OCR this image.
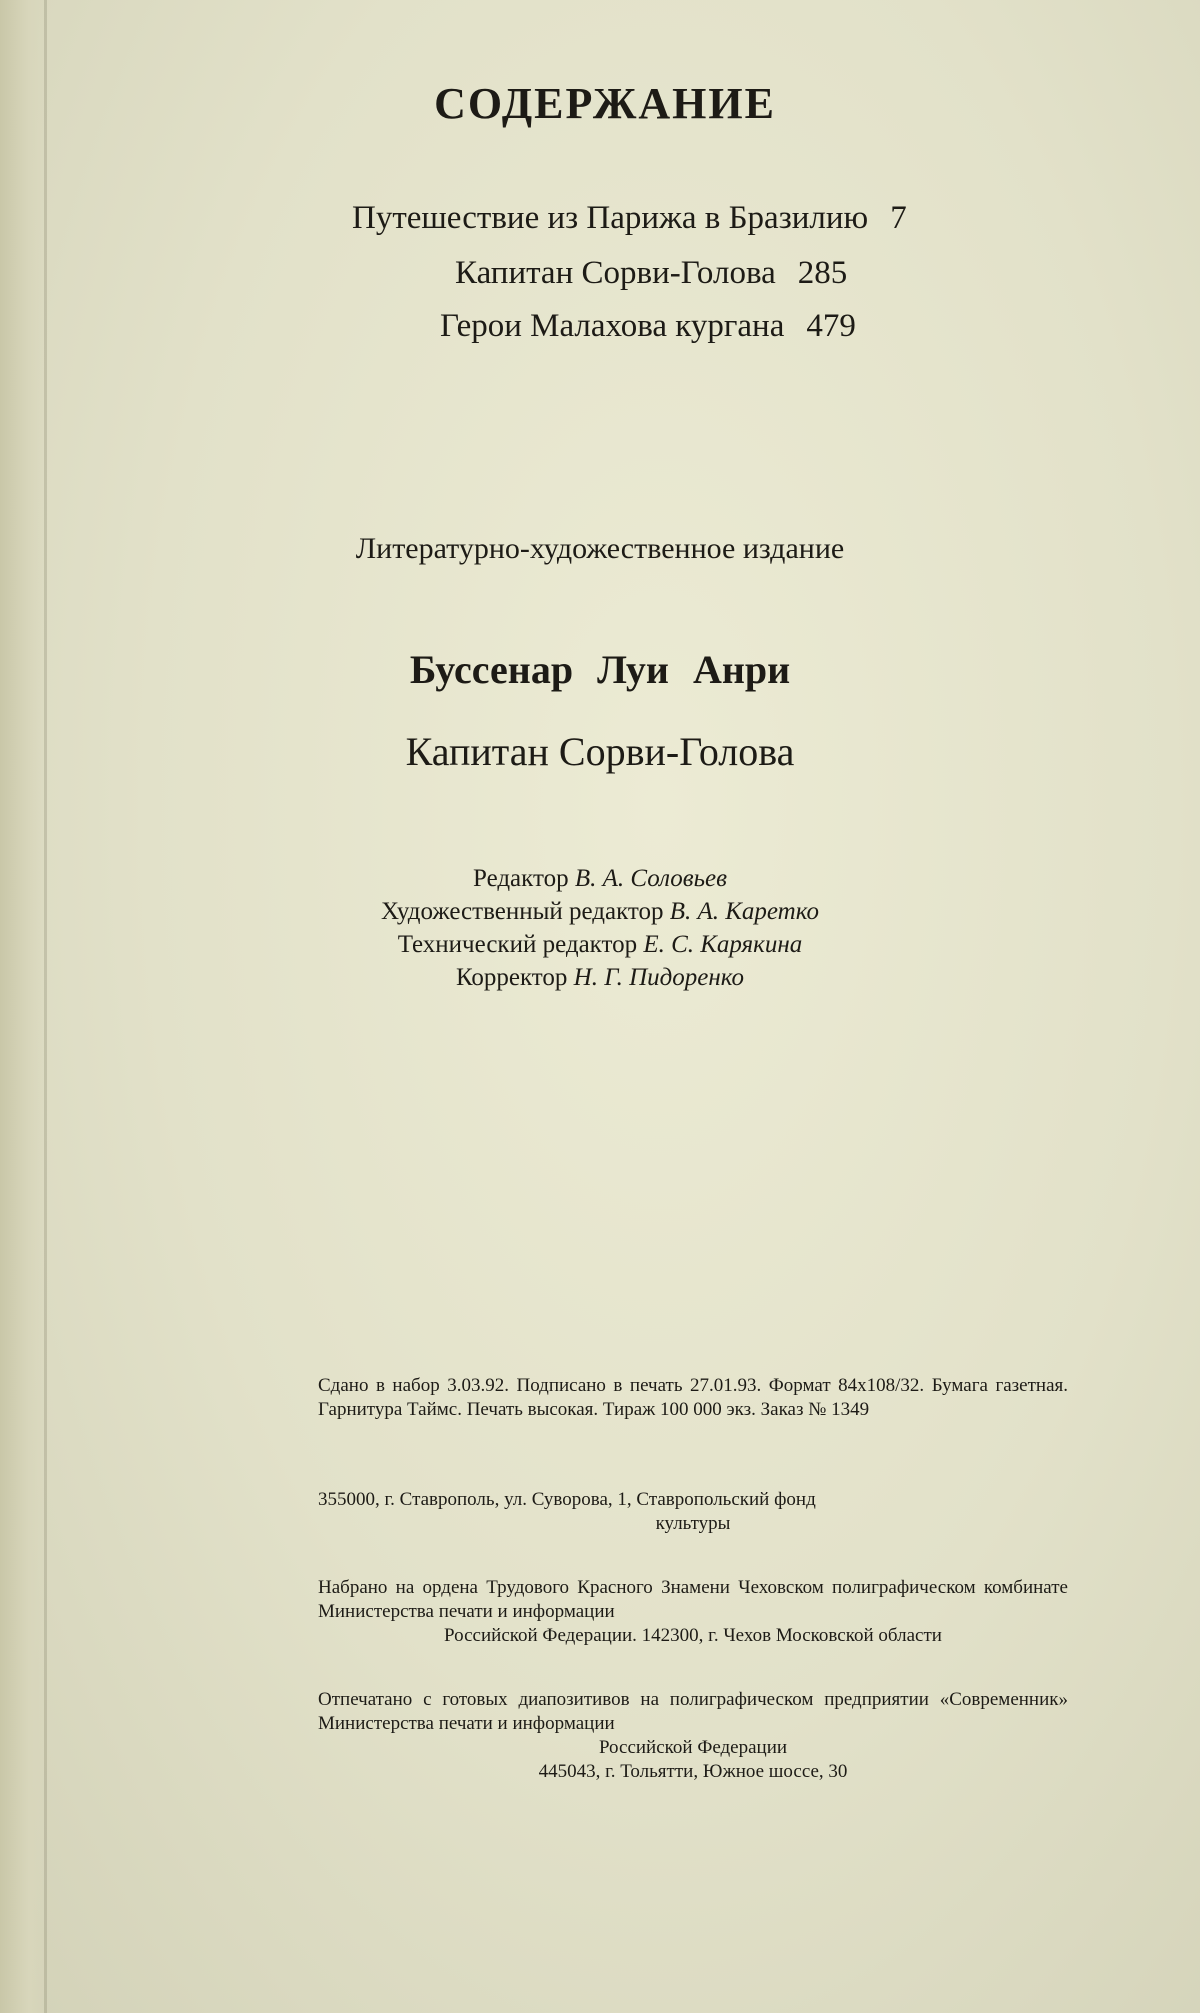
СОДЕРЖАНИЕ
Путешествие из Парижа в Бразилию 7
Капитан Сорви-Голова 285
Герои Малахова кургана 479
Литературно-художественное издание
Буссенар Луи Анри
Капитан Сорви-Голова
Редактор В. А. Соловьев
Художественный редактор В. А. Каретко
Технический редактор Е. С. Карякина
Корректор Н. Г. Пидоренко
Сдано в набор 3.03.92. Подписано в печать 27.01.93. Формат 84x108/32. Бумага газетная. Гарнитура Таймс. Печать высокая. Тираж 100 000 экз. Заказ № 1349
355000, г. Ставрополь, ул. Суворова, 1, Ставропольский фонд
культуры
Набрано на ордена Трудового Красного Знамени Чеховском полиграфическом комбинате Министерства печати и информации
Российской Федерации. 142300, г. Чехов Московской области
Отпечатано с готовых диапозитивов на полиграфическом предприятии «Современник» Министерства печати и информации
Российской Федерации
445043, г. Тольятти, Южное шоссе, 30
